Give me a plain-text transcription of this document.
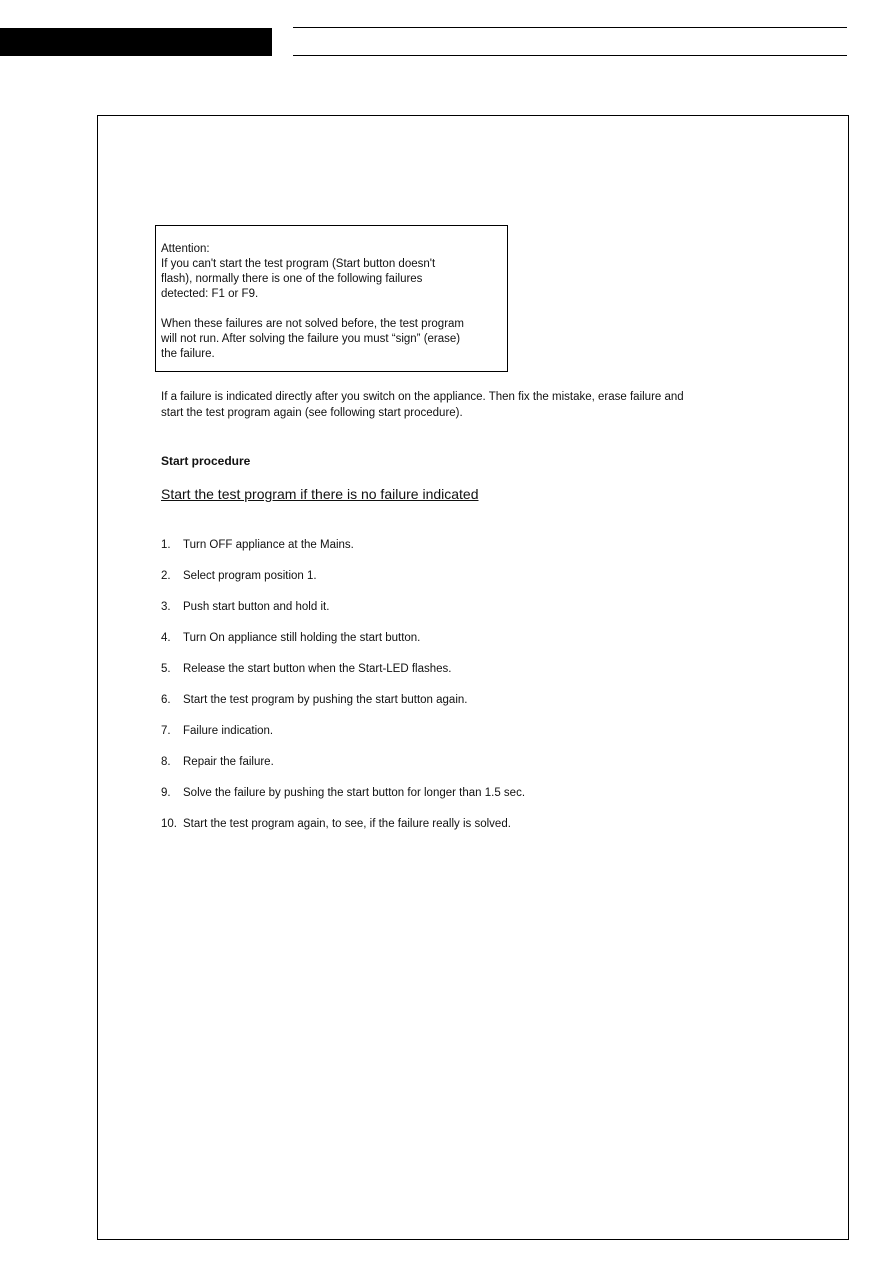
Attention:

If you can't start the test program (Start button doesn't

flash), normally there is one of the following failures

detected: F1 or F9.

When these failures are not solved before, the test program

will not run. After solving the failure you must “sign” (erase)

the failure.

If a failure is indicated directly after you switch on the appliance. Then fix the mistake, erase failure and
start the test program again (see following start procedure).

Start procedure

Start the test program if there is no failure indicated

1.	Turn OFF appliance at the Mains.
2.	Select program position 1.
3.	Push start button and hold it.
4.	Turn On appliance still holding the start button.
5.	Release the start button when the Start-LED flashes.
6.	Start the test program by pushing the start button again.
7.	Failure indication.
8.	Repair the failure.
9.	Solve the failure by pushing the start button for longer than 1.5 sec.
10. Start the test program again, to see, if the failure really is solved.
